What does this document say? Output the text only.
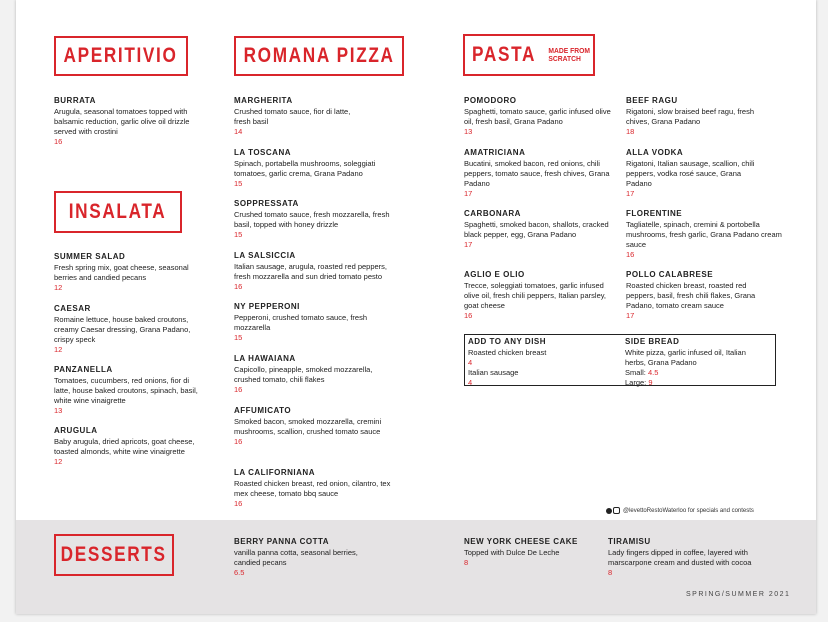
APERITIVIO
INSALATA
ROMANA PIZZA	PASTA MADE FROM SCRATCH
BURRATA
Arugula, seasonal tomatoes topped with balsamic reduction, garlic olive oil drizzle served with crostini
16
SUMMER SALAD
Fresh spring mix, goat cheese, seasonal berries and candied pecans
12
CAESAR
Romaine lettuce, house baked croutons, creamy Caesar dressing, Grana Padano, crispy speck
12
PANZANELLA
Tomatoes, cucumbers, red onions, fior di latte, house baked croutons, spinach, basil, white wine vinaigrette
13
ARUGULA
Baby arugula, dried apricots, goat cheese, toasted almonds, white wine vinaigrette
12
MARGHERITA
Crushed tomato sauce, fior di latte, fresh basil
14
LA TOSCANA
Spinach, portabella mushrooms, soleggiati tomatoes, garlic crema, Grana Padano
15
SOPPRESSATA
Crushed tomato sauce, fresh mozzarella, fresh basil, topped with honey drizzle
15
LA SALSICCIA
Italian sausage, arugula, roasted red peppers, fresh mozzarella and sun dried tomato pesto
16
NY PEPPERONI
Pepperoni, crushed tomato sauce, fresh mozzarella
15
LA HAWAIANA
Capicollo, pineapple, smoked mozzarella, crushed tomato, chili flakes
16
AFFUMICATO
Smoked bacon, smoked mozzarella, cremini mushrooms, scallion, crushed tomato sauce
16
LA CALIFORNIANA
Roasted chicken breast, red onion, cilantro, tex mex cheese, tomato bbq sauce
16
POMODORO
Spaghetti, tomato sauce, garlic infused olive oil, fresh basil, Grana Padano
13
AMATRICIANA
Bucatini, smoked bacon, red onions, chili peppers, tomato sauce, fresh chives, Grana Padano
17
CARBONARA
Spaghetti, smoked bacon, shallots, cracked black pepper, egg, Grana Padano
17
AGLIO E OLIO
Trecce, soleggiati tomatoes, garlic infused olive oil, fresh chili peppers, Italian parsley, goat cheese
16
BEEF RAGU
Rigatoni, slow braised beef ragu, fresh chives, Grana Padano
18
ALLA VODKA
Rigatoni, Italian sausage, scallion, chili peppers, vodka rosé sauce, Grana Padano
17
FLORENTINE
Tagliatelle, spinach, cremini & portobella mushrooms, fresh garlic, Grana Padano cream sauce
16
POLLO CALABRESE
Roasted chicken breast, roasted red peppers, basil, fresh chili flakes, Grana Padano, tomato cream sauce
17
ADD TO ANY DISH
Roasted chicken breast
4
Italian sausage
4
SIDE BREAD
White pizza, garlic infused oil, Italian herbs, Grana Padano
Small: 4.5
Large: 9
@levettoRestoWaterloo for specials and contests
DESSERTS
BERRY PANNA COTTA
vanilla panna cotta, seasonal berries, candied pecans
6.5
NEW YORK CHEESE CAKE
Topped with Dulce De Leche
8
TIRAMISU
Lady fingers dipped in coffee, layered with marscarpone cream and dusted with cocoa
8
SPRING/SUMMER 2021
